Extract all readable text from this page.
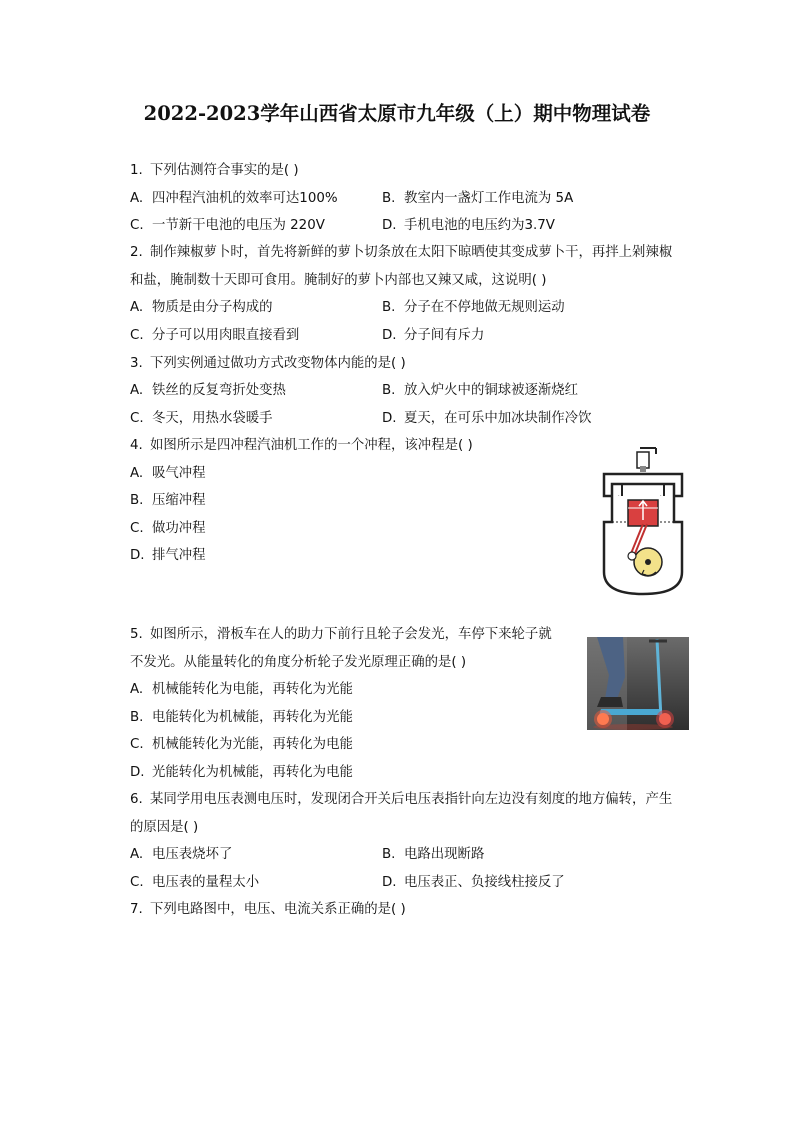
2022-2023学年山西省太原市九年级（上）期中物理试卷
1. 下列估测符合事实的是( )
A. 四冲程汽油机的效率可达100%	B. 教室内一盏灯工作电流为 5A
C. 一节新干电池的电压为 220V	D. 手机电池的电压约为3.7V
2. 制作辣椒萝卜时，首先将新鲜的萝卜切条放在太阳下晾晒使其变成萝卜干，再拌上剁辣椒
和盐，腌制数十天即可食用。腌制好的萝卜内部也又辣又咸，这说明( )
A. 物质是由分子构成的	B. 分子在不停地做无规则运动
C. 分子可以用肉眼直接看到	D. 分子间有斥力
3. 下列实例通过做功方式改变物体内能的是( )
A. 铁丝的反复弯折处变热	B. 放入炉火中的铜球被逐渐烧红
C. 冬天，用热水袋暖手	D. 夏天，在可乐中加冰块制作冷饮
4. 如图所示是四冲程汽油机工作的一个冲程，该冲程是( )
A. 吸气冲程
B. 压缩冲程
C. 做功冲程
D. 排气冲程
5. 如图所示，滑板车在人的助力下前行且轮子会发光，车停下来轮子就
不发光。从能量转化的角度分析轮子发光原理正确的是( )
A. 机械能转化为电能，再转化为光能
B. 电能转化为机械能，再转化为光能
C. 机械能转化为光能，再转化为电能
D. 光能转化为机械能，再转化为电能
6. 某同学用电压表测电压时，发现闭合开关后电压表指针向左边没有刻度的地方偏转，产生
的原因是( )
A. 电压表烧坏了	B. 电路出现断路
C. 电压表的量程太小	D. 电压表正、负接线柱接反了
7. 下列电路图中，电压、电流关系正确的是( )
